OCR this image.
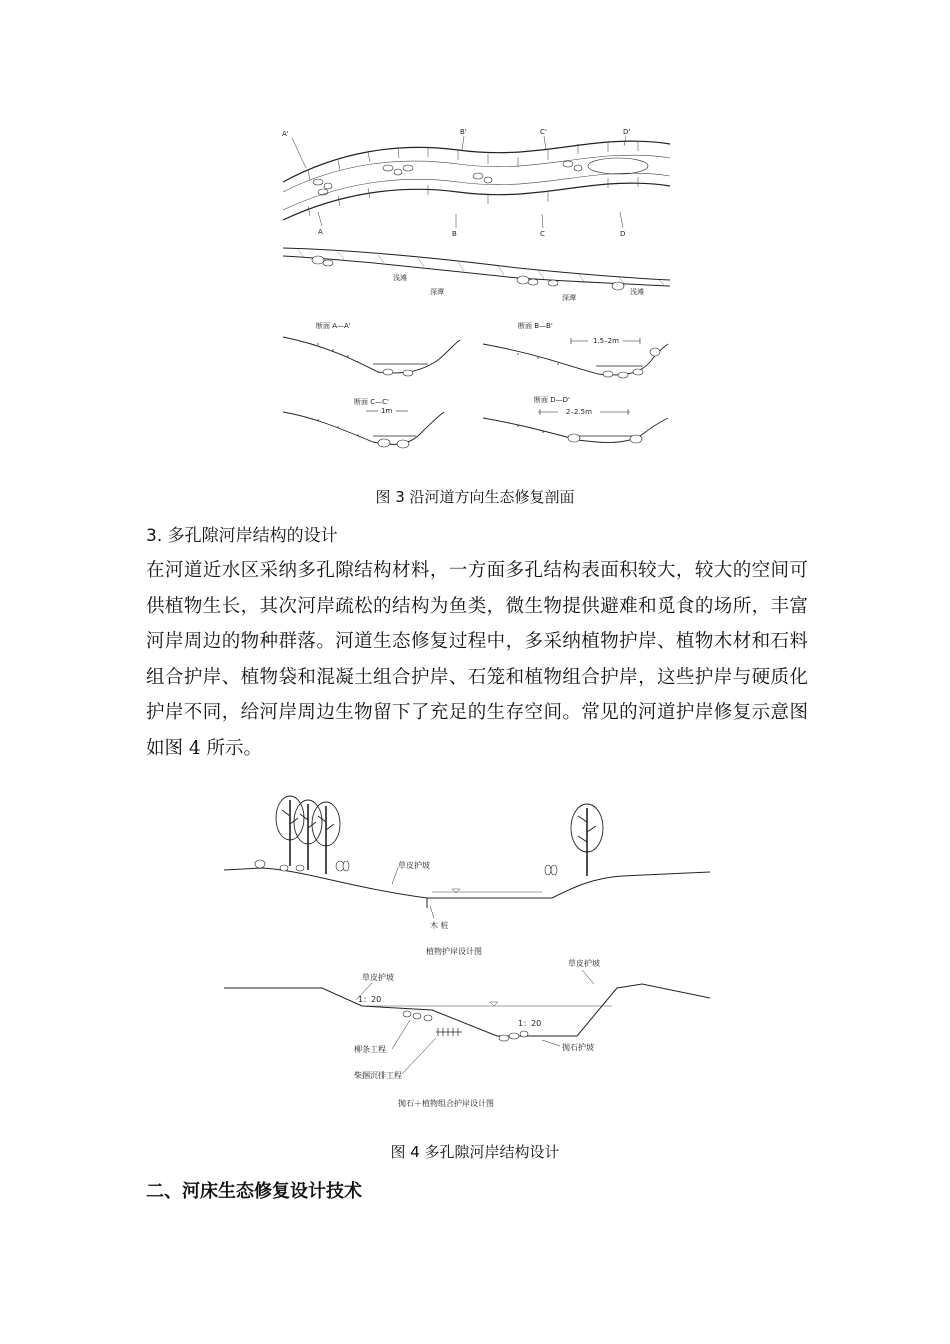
A'	B'	C'	D'
A	B	C	D
浅滩
深潭
深潭
浅滩
断面 A—A'	断面 B—B'
1.5–2m
断面 C—C'	断面 D—D'
1m	2–2.5m
图 3 沿河道方向生态修复剖面
3. 多孔隙河岸结构的设计
在河道近水区采纳多孔隙结构材料，一方面多孔结构表面积较大，较大的空间可供植物生长，其次河岸疏松的结构为鱼类，微生物提供避难和觅食的场所，丰富河岸周边的物种群落。河道生态修复过程中，多采纳植物护岸、植物木材和石料组合护岸、植物袋和混凝土组合护岸、石笼和植物组合护岸，这些护岸与硬质化护岸不同，给河岸周边生物留下了充足的生存空间。常见的河道护岸修复示意图如图 4 所示。
草皮护坡
木 桩
植物护岸设计图
草皮护坡
草皮护坡
1：20
1：20
抛石护坡
柳条工程
柴捆沉排工程
抛石＋植物组合护岸设计图
图 4 多孔隙河岸结构设计
二、河床生态修复设计技术
